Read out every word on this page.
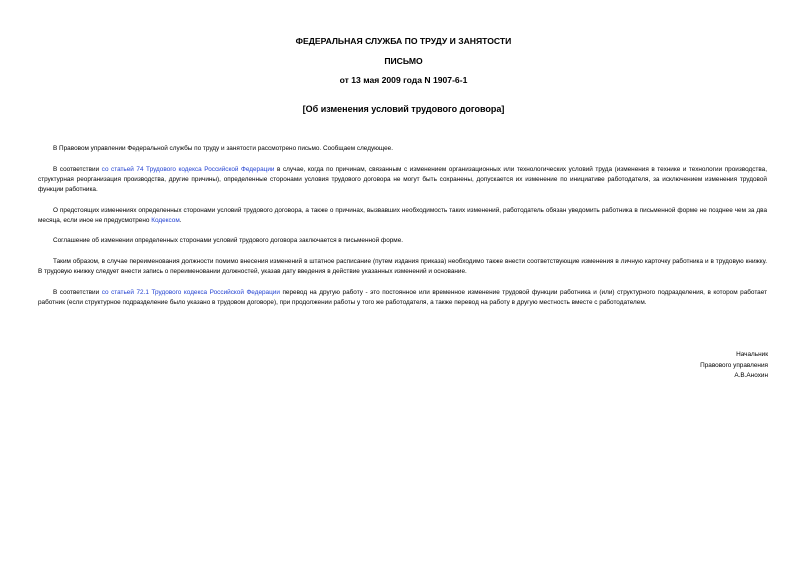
ФЕДЕРАЛЬНАЯ СЛУЖБА ПО ТРУДУ И ЗАНЯТОСТИ
ПИСЬМО
от 13 мая 2009 года N 1907-6-1
[Об изменения условий трудового договора]

В Правовом управлении Федеральной службы по труду и занятости рассмотрено письмо. Сообщаем следующее.

В соответствии со статьей 74 Трудового кодекса Российской Федерации в случае, когда по причинам, связанным с изменением организационных или технологических условий труда (изменения в технике и технологии производства, структурная реорганизация производства, другие причины), определенные сторонами условия трудового договора не могут быть сохранены, допускается их изменение по инициативе работодателя, за исключением изменения трудовой функции работника.

О предстоящих изменениях определенных сторонами условий трудового договора, а также о причинах, вызвавших необходимость таких изменений, работодатель обязан уведомить работника в письменной форме не позднее чем за два месяца, если иное не предусмотрено Кодексом.

Соглашение об изменении определенных сторонами условий трудового договора заключается в письменной форме.

Таким образом, в случае переименования должности помимо внесения изменений в штатное расписание (путем издания приказа) необходимо также внести соответствующие изменения в личную карточку работника и в трудовую книжку. В трудовую книжку следует внести запись о переименовании должностей, указав дату введения в действие указанных изменений и основание.

В соответствии со статьей 72.1 Трудового кодекса Российской Федерации перевод на другую работу - это постоянное или временное изменение трудовой функции работника и (или) структурного подразделения, в котором работает работник (если структурное подразделение было указано в трудовом договоре), при продолжении работы у того же работодателя, а также перевод на работу в другую местность вместе с работодателем.

Начальник
Правового управления
А.В.Анохин
